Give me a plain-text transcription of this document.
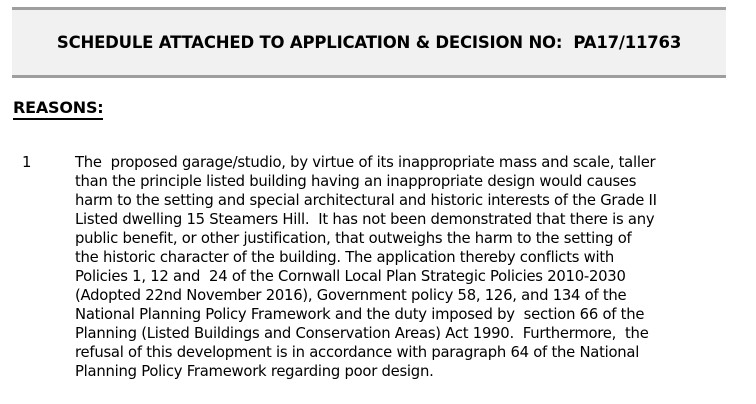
SCHEDULE ATTACHED TO APPLICATION & DECISION NO:  PA17/11763
REASONS:
1	The  proposed garage/studio, by virtue of its inappropriate mass and scale, taller
than the principle listed building having an inappropriate design would causes
harm to the setting and special architectural and historic interests of the Grade II
Listed dwelling 15 Steamers Hill.  It has not been demonstrated that there is any
public benefit, or other justification, that outweighs the harm to the setting of
the historic character of the building. The application thereby conflicts with
Policies 1, 12 and  24 of the Cornwall Local Plan Strategic Policies 2010-2030
(Adopted 22nd November 2016), Government policy 58, 126, and 134 of the
National Planning Policy Framework and the duty imposed by  section 66 of the
Planning (Listed Buildings and Conservation Areas) Act 1990.  Furthermore,  the
refusal of this development is in accordance with paragraph 64 of the National
Planning Policy Framework regarding poor design.
